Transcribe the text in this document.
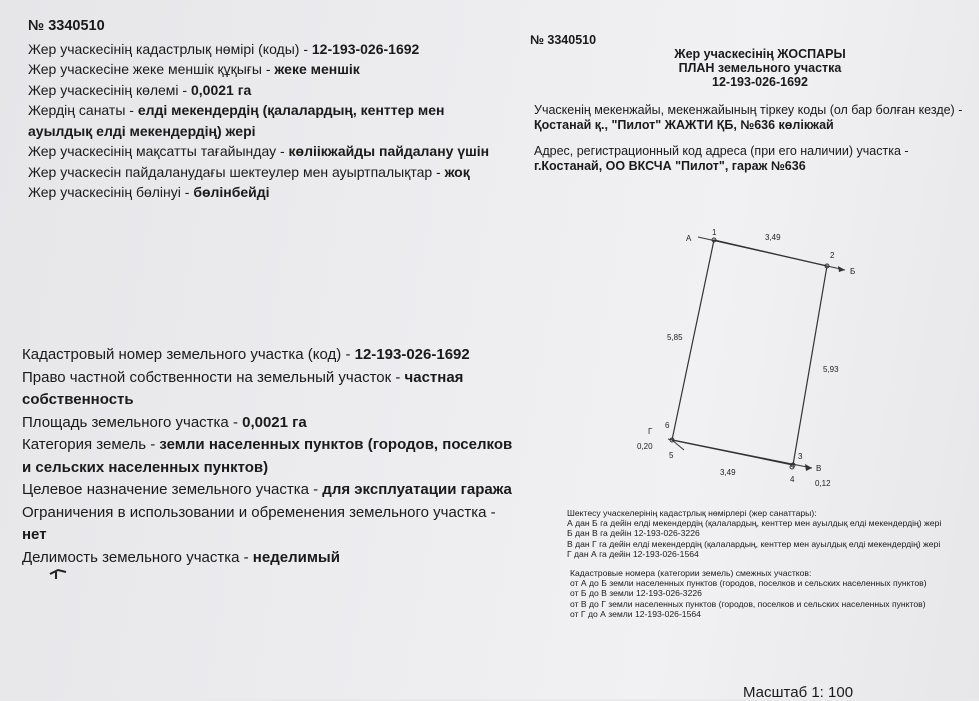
№ 3340510
Жер учаскесінің кадастрлық нөмірі (коды) - 12-193-026-1692
Жер учаскесіне жеке меншік құқығы - жеке меншік
Жер учаскесінің көлемі - 0,0021 га
Жердің санаты - елді мекендердің (қалалардың, кенттер мен ауылдық елді мекендердің) жері
Жер учаскесінің мақсатты тағайындау - көліікжайды пайдалану үшін
Жер учаскесін пайдаланудағы шектеулер мен ауыртпалықтар - жоқ
Жер учаскесінің бөлінуі - бөлінбейді
Кадастровый номер земельного участка (код) - 12-193-026-1692
Право частной собственности на земельный участок - частная собственность
Площадь земельного участка - 0,0021 га
Категория земель - земли населенных пунктов (городов, поселков и сельских населенных пунктов)
Целевое назначение земельного участка - для эксплуатации гаража
Ограничения в использовании и обременения земельного участка - нет
Делимость земельного участка - неделимый
№ 3340510
Жер учаскесінің ЖОСПАРЫ
ПЛАН земельного участка
12-193-026-1692
Учаскенің мекенжайы, мекенжайының тіркеу коды (ол бар болған кезде) -
Қостанай қ., "Пилот" ЖАЖТИ ҚБ, №636 көлікжай
Адрес, регистрационный код адреса (при его наличии) участка -
г.Костанай, ОО ВКСЧА "Пилот", гараж №636
А
Б
В
Г
1
2
3
4
5
6
3,49
5,93
5,85
3,49
0,20
0,12
Шектесу учаскелерінің кадастрлық нөмірлері (жер санаттары):
А дан Б га дейін елді мекендердің (қалалардың, кенттер мен ауылдық елді мекендердің) жері
Б дан В га дейін 12-193-026-3226
В дан Г га дейін елді мекендердің (қалалардың, кенттер мен ауылдық елді мекендердің) жері
Г дан А га дейін 12-193-026-1564
Кадастровые номера (категории земель) смежных участков:
от А до Б земли населенных пунктов (городов, поселков и сельских населенных пунктов)
от Б до В земли 12-193-026-3226
от В до Г земли населенных пунктов (городов, поселков и сельских населенных пунктов)
от Г до А земли 12-193-026-1564
Масштаб 1: 100
